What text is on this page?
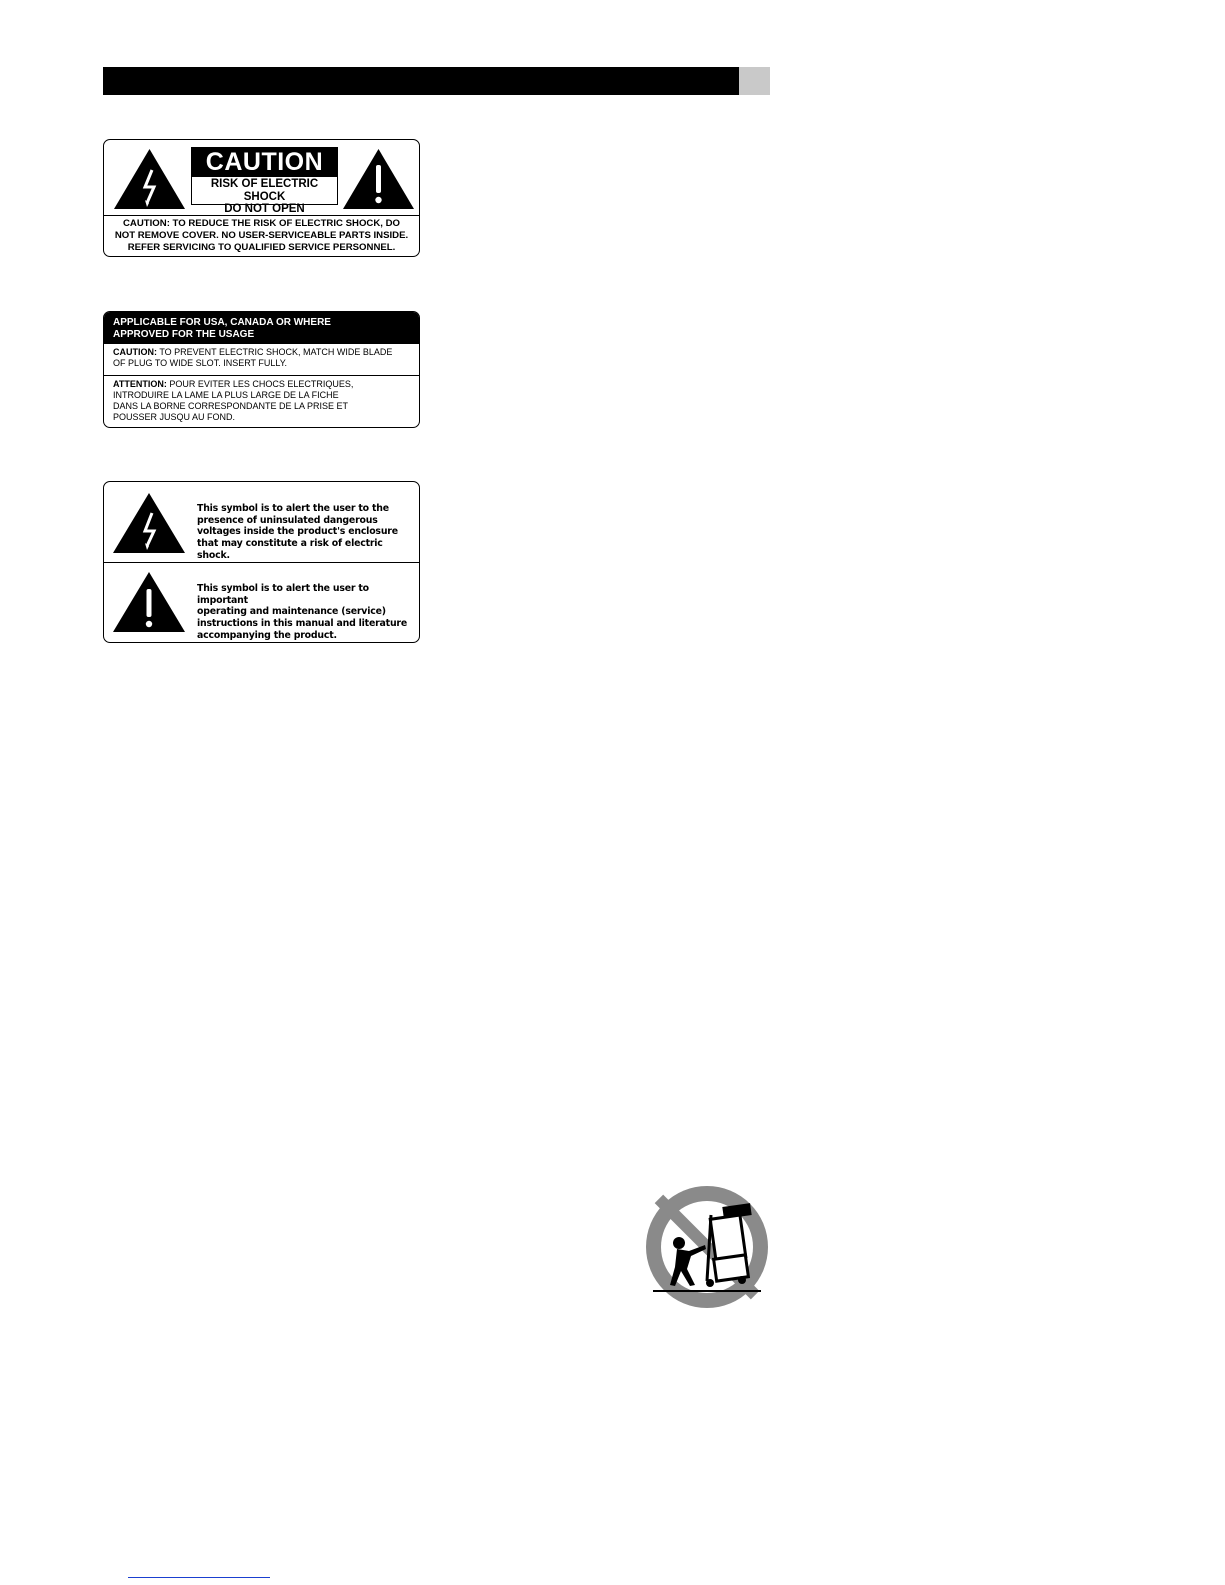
CAUTION
RISK OF ELECTRIC SHOCK
DO NOT OPEN
CAUTION: TO REDUCE THE RISK OF ELECTRIC SHOCK, DO
NOT REMOVE COVER. NO USER-SERVICEABLE PARTS INSIDE.
REFER SERVICING TO QUALIFIED SERVICE PERSONNEL.
APPLICABLE FOR USA, CANADA OR WHERE
APPROVED FOR THE USAGE
CAUTION: TO PREVENT ELECTRIC SHOCK, MATCH WIDE BLADE
OF PLUG TO WIDE SLOT. INSERT FULLY.
ATTENTION: POUR EVITER LES CHOCS ELECTRIQUES,
INTRODUIRE LA LAME LA PLUS LARGE DE LA FICHE
DANS LA BORNE CORRESPONDANTE DE LA PRISE ET
POUSSER JUSQU AU FOND.
This symbol is to alert the user to the
presence of uninsulated dangerous
voltages inside the product's enclosure
that may constitute a risk of electric shock.
This symbol is to alert the user to important
operating and maintenance (service)
instructions in this manual and literature
accompanying the product.
